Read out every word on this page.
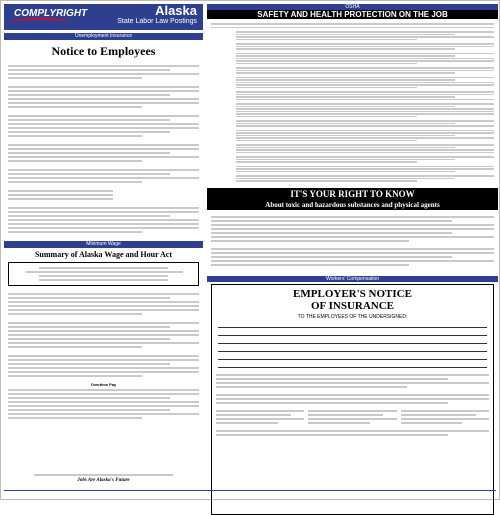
COMPLYRIGHT	Alaska
State Labor Law Postings
Unemployment Insurance
Notice to Employees
Minimum Wage
Summary of Alaska Wage and Hour Act
Overtime Pay
Jobs Are Alaska's Future
OSHA
SAFETY AND HEALTH PROTECTION ON THE JOB
IT'S YOUR RIGHT TO KNOW
About toxic and hazardous substances and physical agents
Workers' Compensation
EMPLOYER'S NOTICE
OF INSURANCE
TO THE EMPLOYEES OF THE UNDERSIGNED:
